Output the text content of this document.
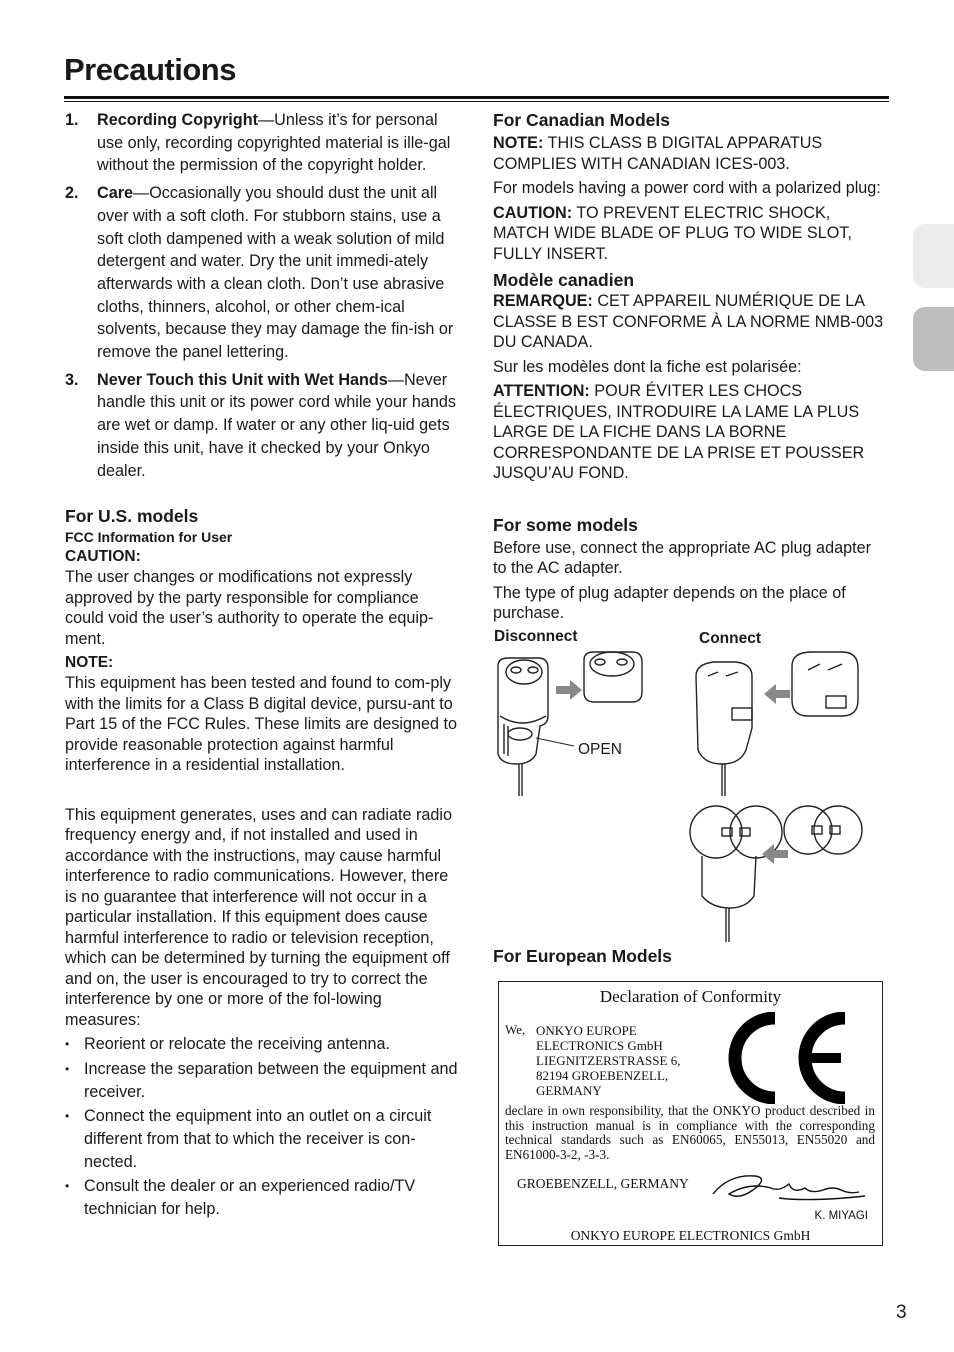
Precautions
1. Recording Copyright—Unless it’s for personal use only, recording copyrighted material is ille-gal without the permission of the copyright holder.
2. Care—Occasionally you should dust the unit all over with a soft cloth. For stubborn stains, use a soft cloth dampened with a weak solution of mild detergent and water. Dry the unit immedi-ately afterwards with a clean cloth. Don’t use abrasive cloths, thinners, alcohol, or other chem-ical solvents, because they may damage the fin-ish or remove the panel lettering.
3. Never Touch this Unit with Wet Hands—Never handle this unit or its power cord while your hands are wet or damp. If water or any other liq-uid gets inside this unit, have it checked by your Onkyo dealer.
For U.S. models
FCC Information for User
CAUTION:

The user changes or modifications not expressly approved by the party responsible for compliance could void the user’s authority to operate the equip-ment.

NOTE:

This equipment has been tested and found to com-ply with the limits for a Class B digital device, pursu-ant to Part 15 of the FCC Rules. These limits are designed to provide reasonable protection against harmful interference in a residential installation.

This equipment generates, uses and can radiate radio frequency energy and, if not installed and used in accordance with the instructions, may cause harmful interference to radio communications. However, there is no guarantee that interference will not occur in a particular installation. If this equipment does cause harmful interference to radio or television reception, which can be determined by turning the equipment off and on, the user is encouraged to try to correct the interference by one or more of the fol-lowing measures:

• Reorient or relocate the receiving antenna.
• Increase the separation between the equipment and receiver.
• Connect the equipment into an outlet on a circuit different from that to which the receiver is con-nected.
• Consult the dealer or an experienced radio/TV technician for help.
For Canadian Models

NOTE: THIS CLASS B DIGITAL APPARATUS COMPLIES WITH CANADIAN ICES-003.

For models having a power cord with a polarized plug:

CAUTION: TO PREVENT ELECTRIC SHOCK, MATCH WIDE BLADE OF PLUG TO WIDE SLOT, FULLY INSERT.

Modèle canadien

REMARQUE: CET APPAREIL NUMÉRIQUE DE LA CLASSE B EST CONFORME À LA NORME NMB-003 DU CANADA.

Sur les modèles dont la fiche est polarisée:

ATTENTION: POUR ÉVITER LES CHOCS ÉLECTRIQUES, INTRODUIRE LA LAME LA PLUS LARGE DE LA FICHE DANS LA BORNE CORRESPONDANTE DE LA PRISE ET POUSSER JUSQU’AU FOND.

For some models

Before use, connect the appropriate AC plug adapter to the AC adapter.

The type of plug adapter depends on the place of purchase.

Disconnect	Connect
OPEN
For European Models
Declaration of Conformity
We, ONKYO EUROPE
ELECTRONICS GmbH
LIEGNITZERSTRASSE 6,
82194 GROEBENZELL,
GERMANY
declare in own responsibility, that the ONKYO product described in this instruction manual is in compliance with the corresponding technical standards such as EN60065, EN55013, EN55020 and EN61000-3-2, -3-3.
GROEBENZELL, GERMANY
K. MIYAGI
ONKYO EUROPE ELECTRONICS GmbH
3
